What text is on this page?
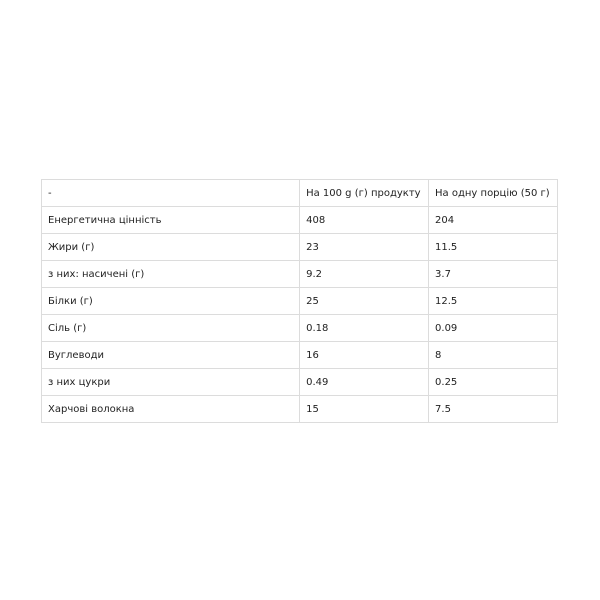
-	На 100 g (г) продукту	На одну порцію (50 г)
Енергетична цінність	408	204
Жири (г)	23	11.5
з них: насичені (г)	9.2	3.7
Білки (г)	25	12.5
Сіль (г)	0.18	0.09
Вуглеводи	16	8
з них цукри	0.49	0.25
Харчові волокна	15	7.5
